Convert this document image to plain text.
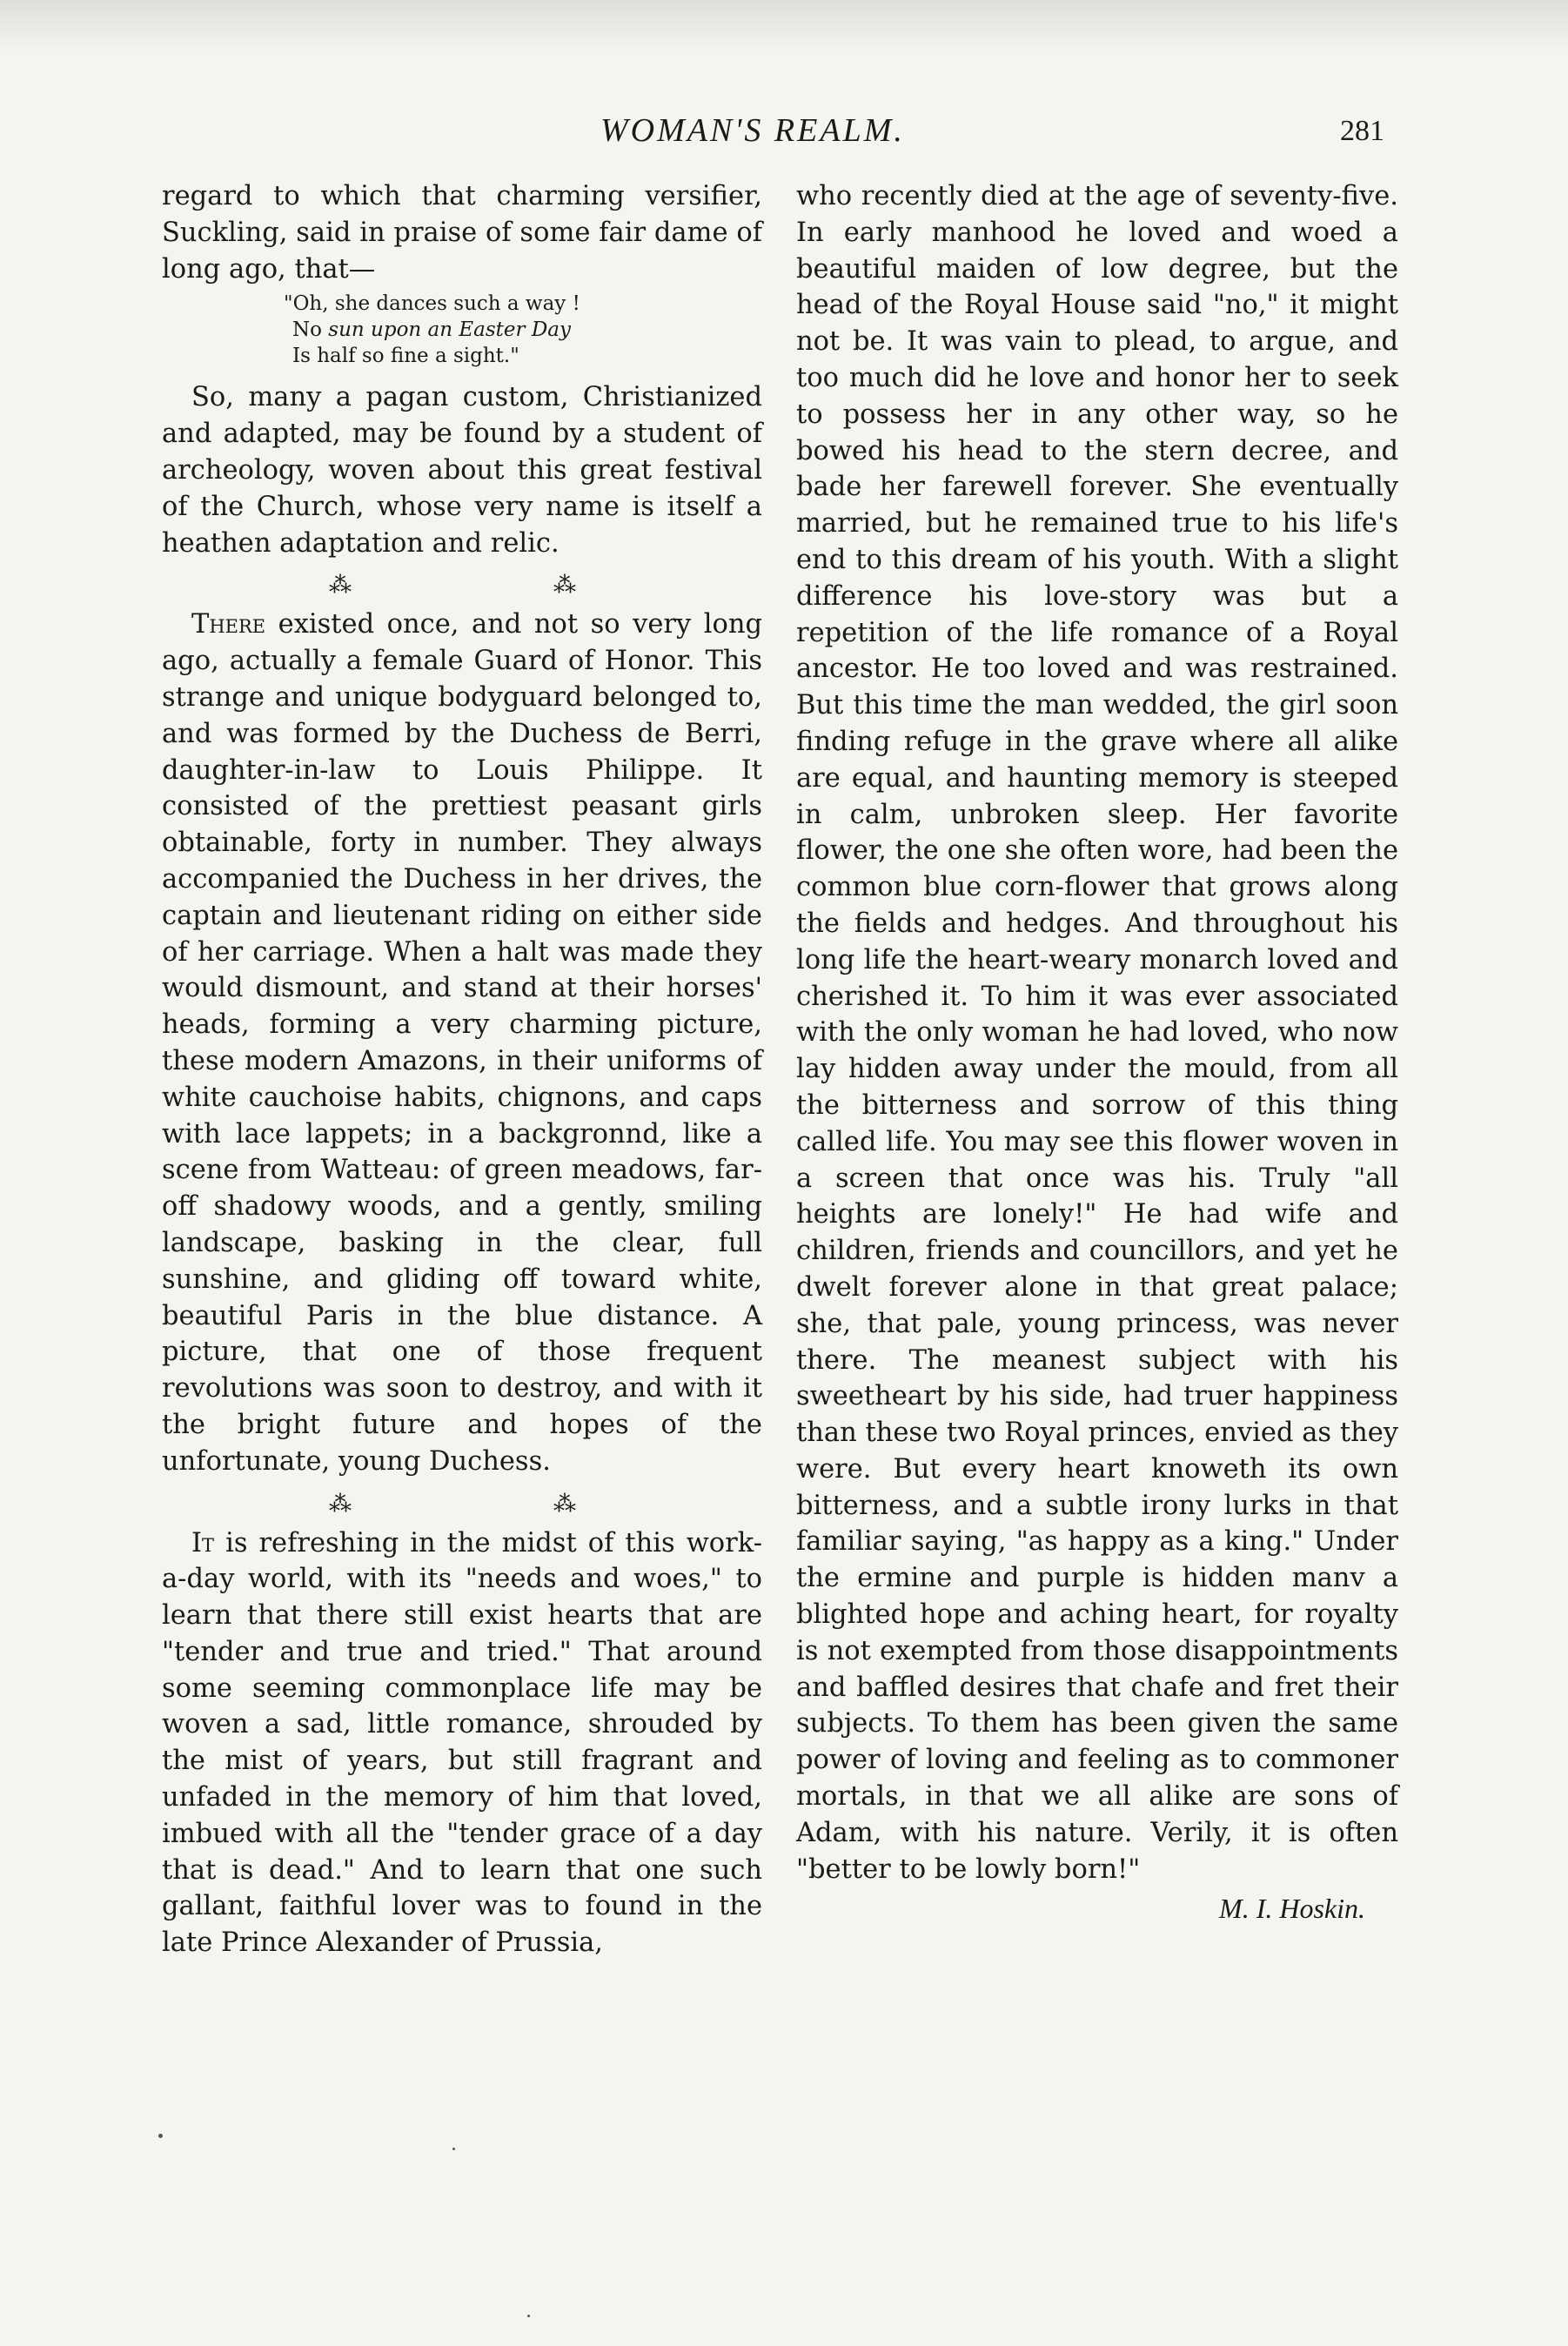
WOMAN'S REALM.	281

regard to which that charming versifier, Suckling, said in praise of some fair dame of long ago, that—

"Oh, she dances such a way !
No sun upon an Easter Day
Is half so fine a sight."

So, many a pagan custom, Christianized and adapted, may be found by a student of archeology, woven about this great festival of the Church, whose very name is itself a heathen adaptation and relic.

⁂	⁂

There existed once, and not so very long ago, actually a female Guard of Honor. This strange and unique bodyguard belonged to, and was formed by the Duchess de Berri, daughter-in-law to Louis Philippe. It consisted of the prettiest peasant girls obtainable, forty in number. They always accompanied the Duchess in her drives, the captain and lieutenant riding on either side of her carriage. When a halt was made they would dismount, and stand at their horses' heads, forming a very charming picture, these modern Amazons, in their uniforms of white cauchoise habits, chignons, and caps with lace lappets; in a backgronnd, like a scene from Watteau: of green meadows, far-off shadowy woods, and a gently, smiling landscape, basking in the clear, full sunshine, and gliding off toward white, beautiful Paris in the blue distance. A picture, that one of those frequent revolutions was soon to destroy, and with it the bright future and hopes of the unfortunate, young Duchess.

⁂	⁂

It is refreshing in the midst of this work-a-day world, with its "needs and woes," to learn that there still exist hearts that are "tender and true and tried." That around some seeming commonplace life may be woven a sad, little romance, shrouded by the mist of years, but still fragrant and unfaded in the memory of him that loved, imbued with all the "tender grace of a day that is dead." And to learn that one such gallant, faithful lover was to found in the late Prince Alexander of Prussia,

who recently died at the age of seventy-five. In early manhood he loved and woed a beautiful maiden of low degree, but the head of the Royal House said "no," it might not be. It was vain to plead, to argue, and too much did he love and honor her to seek to possess her in any other way, so he bowed his head to the stern decree, and bade her farewell forever. She eventually married, but he remained true to his life's end to this dream of his youth. With a slight difference his love-story was but a repetition of the life romance of a Royal ancestor. He too loved and was restrained. But this time the man wedded, the girl soon finding refuge in the grave where all alike are equal, and haunting memory is steeped in calm, unbroken sleep. Her favorite flower, the one she often wore, had been the common blue corn-flower that grows along the fields and hedges. And throughout his long life the heart-weary monarch loved and cherished it. To him it was ever associated with the only woman he had loved, who now lay hidden away under the mould, from all the bitterness and sorrow of this thing called life. You may see this flower woven in a screen that once was his. Truly "all heights are lonely!" He had wife and children, friends and councillors, and yet he dwelt forever alone in that great palace; she, that pale, young princess, was never there. The meanest subject with his sweetheart by his side, had truer happiness than these two Royal princes, envied as they were. But every heart knoweth its own bitterness, and a subtle irony lurks in that familiar saying, "as happy as a king." Under the ermine and purple is hidden manv a blighted hope and aching heart, for royalty is not exempted from those disappointments and baffled desires that chafe and fret their subjects. To them has been given the same power of loving and feeling as to commoner mortals, in that we all alike are sons of Adam, with his nature. Verily, it is often "better to be lowly born!"

M. I. Hoskin.
